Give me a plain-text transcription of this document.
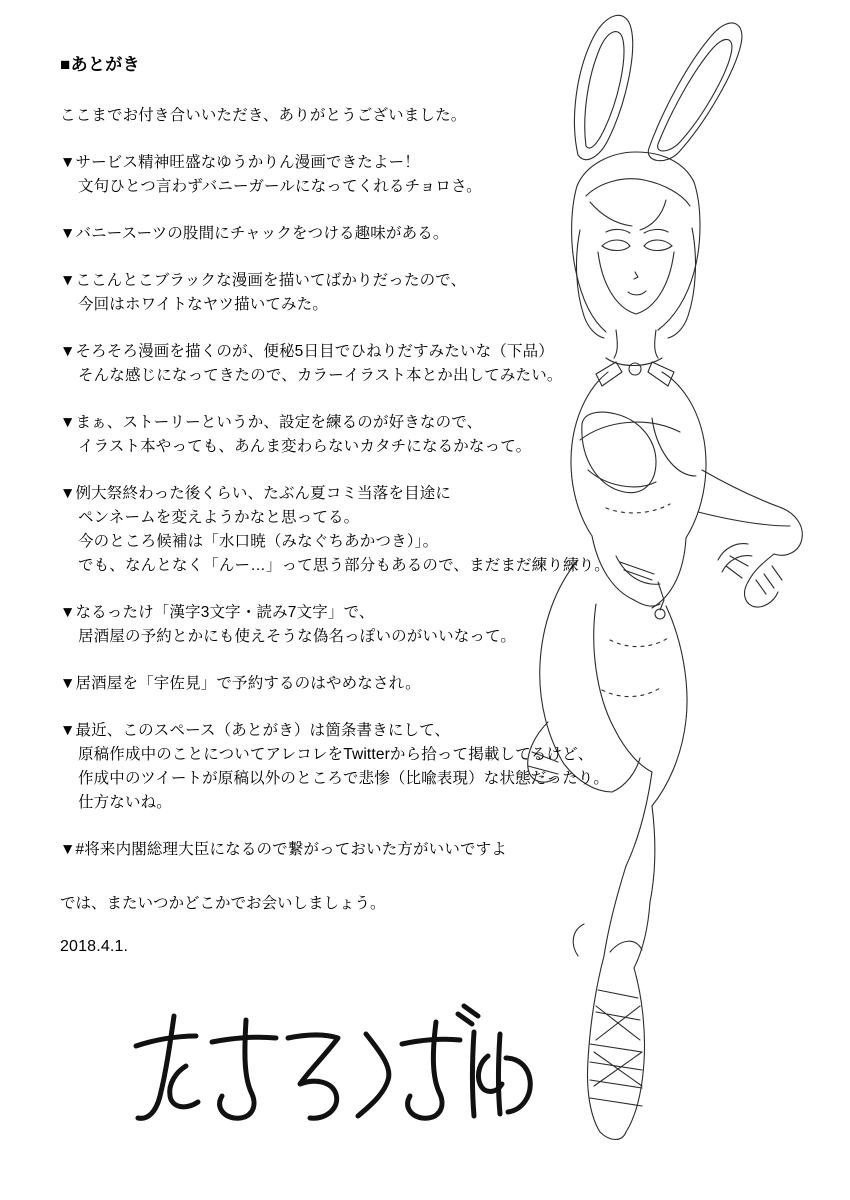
■あとがき

ここまでお付き合いいただき、ありがとうございました。

▼サービス精神旺盛なゆうかりん漫画できたよー！
文句ひとつ言わずバニーガールになってくれるチョロさ。

▼バニースーツの股間にチャックをつける趣味がある。

▼ここんとこブラックな漫画を描いてばかりだったので、
今回はホワイトなヤツ描いてみた。

▼そろそろ漫画を描くのが、便秘5日目でひねりだすみたいな（下品）
そんな感じになってきたので、カラーイラスト本とか出してみたい。

▼まぁ、ストーリーというか、設定を練るのが好きなので、
イラスト本やっても、あんま変わらないカタチになるかなって。

▼例大祭終わった後くらい、たぶん夏コミ当落を目途に
ペンネームを変えようかなと思ってる。
今のところ候補は「水口暁（みなぐちあかつき）」。
でも、なんとなく「んー…」って思う部分もあるので、まだまだ練り練り。

▼なるったけ「漢字3文字・読み7文字」で、
居酒屋の予約とかにも使えそうな偽名っぽいのがいいなって。

▼居酒屋を「宇佐見」で予約するのはやめなされ。

▼最近、このスペース（あとがき）は箇条書きにして、
原稿作成中のことについてアレコレをTwitterから拾って掲載してるけど、
作成中のツイートが原稿以外のところで悲惨（比喩表現）な状態だったり。仕方ないね。

▼#将来内閣総理大臣になるので繋がっておいた方がいいですよ

では、またいつかどこかでお会いしましょう。

2018.4.1.
